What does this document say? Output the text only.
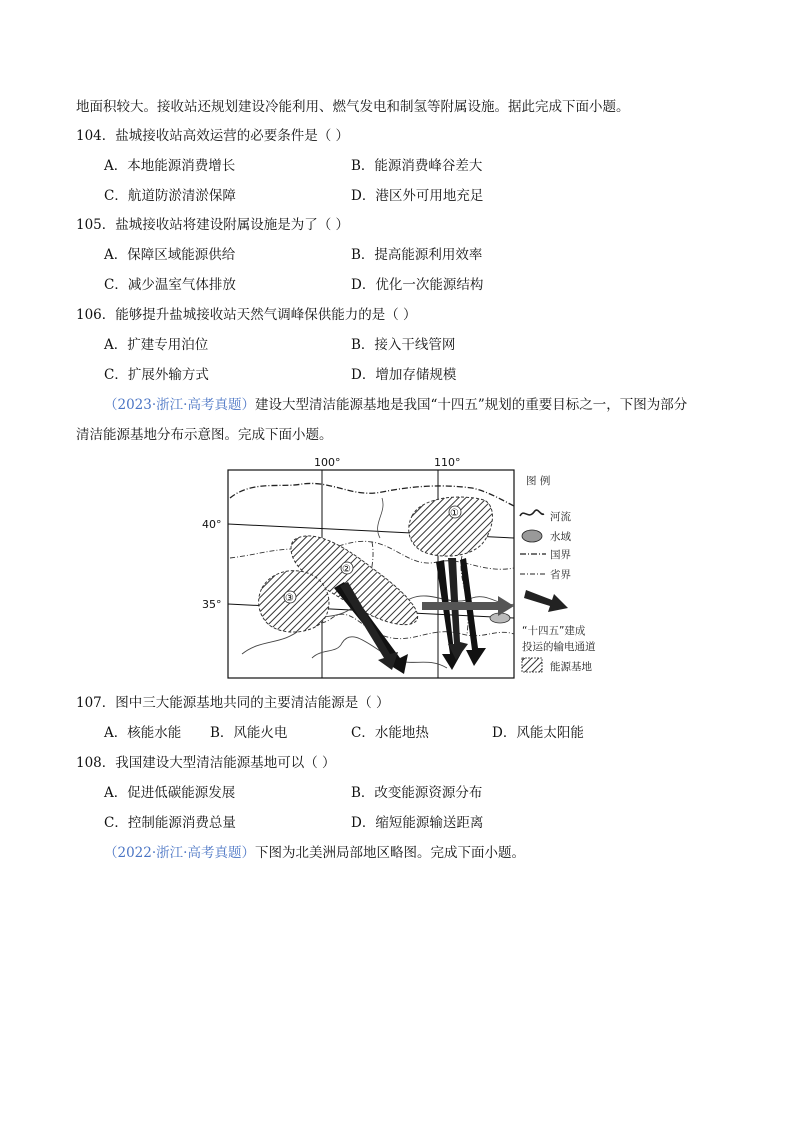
地面积较大。接收站还规划建设冷能利用、燃气发电和制氢等附属设施。据此完成下面小题。
104．盐城接收站高效运营的必要条件是（ ）
A．本地能源消费增长	B．能源消费峰谷差大
C．航道防淤清淤保障	D．港区外可用地充足
105．盐城接收站将建设附属设施是为了（ ）
A．保障区域能源供给	B．提高能源利用效率
C．减少温室气体排放	D．优化一次能源结构
106．能够提升盐城接收站天然气调峰保供能力的是（ ）
A．扩建专用泊位	B．接入干线管网
C．扩展外输方式	D．增加存储规模
（2023·浙江·高考真题）建设大型清洁能源基地是我国“十四五”规划的重要目标之一，下图为部分
清洁能源基地分布示意图。完成下面小题。
100°	110°
40°
35°
①
②
③
图 例
河流
水域
国界
省界
“十四五”建成
投运的输电通道
能源基地
107．图中三大能源基地共同的主要清洁能源是（ ）
A．核能水能 B．风能火电	C．水能地热	D．风能太阳能
108．我国建设大型清洁能源基地可以（ ）
A．促进低碳能源发展	B．改变能源资源分布
C．控制能源消费总量	D．缩短能源输送距离
（2022·浙江·高考真题）下图为北美洲局部地区略图。完成下面小题。
